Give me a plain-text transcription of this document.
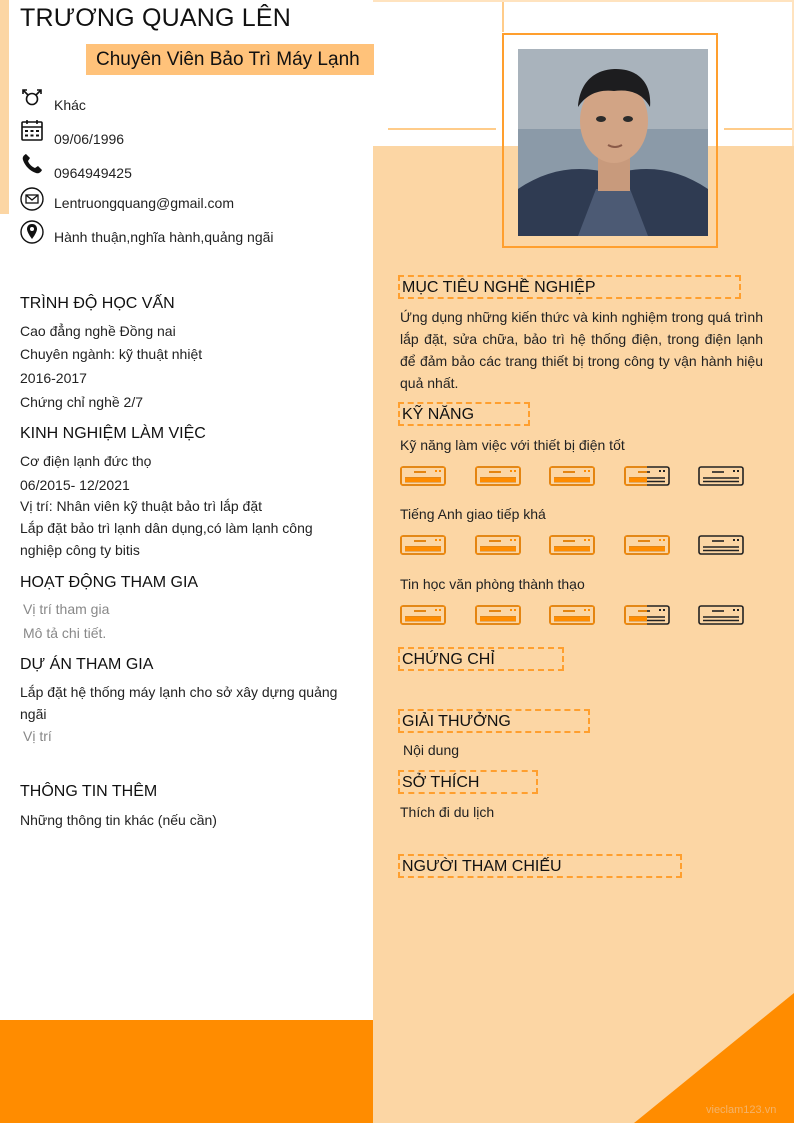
TRƯƠNG QUANG LÊN
Chuyên Viên Bảo Trì Máy Lạnh
Khác
09/06/1996
0964949425
Lentruongquang@gmail.com
Hành thuận,nghĩa hành,quảng ngãi
TRÌNH ĐỘ HỌC VẤN
Cao đẳng nghề Đồng nai
Chuyên ngành: kỹ thuật nhiệt
2016-2017
Chứng chỉ nghề 2/7
KINH NGHIỆM LÀM VIỆC
Cơ điện lạnh đức thọ
06/2015- 12/2021
Vị trí: Nhân viên kỹ thuật bảo trì lắp đặt
Lắp đặt bảo trì lạnh dân dụng,có làm lạnh công
nghiệp công ty bitis
HOẠT ĐỘNG THAM GIA
Vị trí tham gia
Mô tả chi tiết.
DỰ ÁN THAM GIA
Lắp đặt hệ thống máy lạnh cho sở xây dựng quảng
ngãi
Vị trí
THÔNG TIN THÊM
Những thông tin khác (nếu cần)
MỤC TIÊU NGHỀ NGHIỆP
Ứng dụng những kiến thức và kinh nghiệm trong quá trình lắp đặt, sửa chữa, bảo trì hệ thống điện, trong điện lạnh để đảm bảo các trang thiết bị trong công ty vận hành hiệu quả nhất.
KỸ NĂNG
Kỹ năng làm việc với thiết bị điện tốt
Tiếng Anh giao tiếp khá
Tin học văn phòng thành thạo
CHỨNG CHỈ
GIẢI THƯỞNG
Nội dung
SỞ THÍCH
Thích đi du lịch
NGƯỜI THAM CHIẾU
vieclam123.vn
